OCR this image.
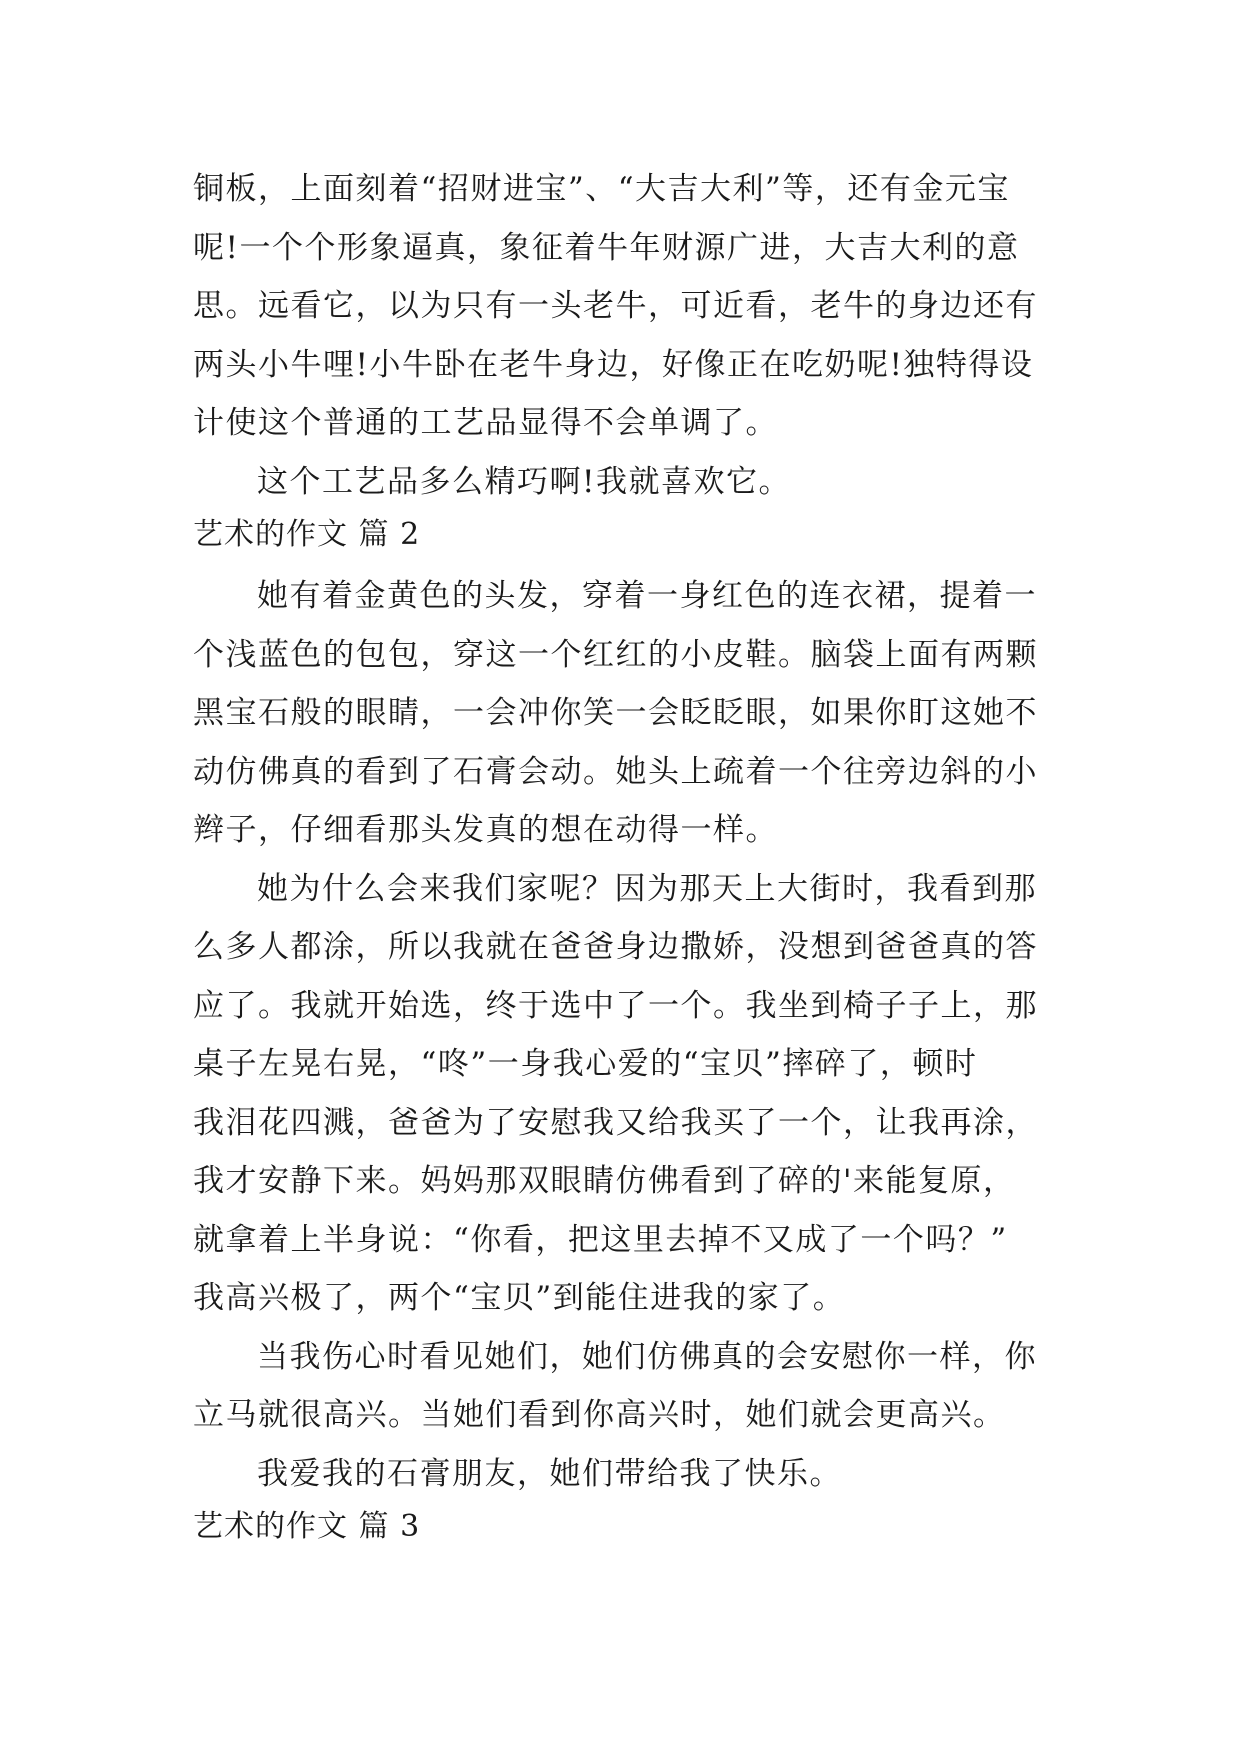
铜板，上面刻着“招财进宝”、“大吉大利”等，还有金元宝
呢!一个个形象逼真，象征着牛年财源广进，大吉大利的意
思。远看它，以为只有一头老牛，可近看，老牛的身边还有
两头小牛哩!小牛卧在老牛身边，好像正在吃奶呢!独特得设
计使这个普通的工艺品显得不会单调了。
这个工艺品多么精巧啊!我就喜欢它。
艺术的作文 篇 2
她有着金黄色的头发，穿着一身红色的连衣裙，提着一
个浅蓝色的包包，穿这一个红红的小皮鞋。脑袋上面有两颗
黑宝石般的眼睛，一会冲你笑一会眨眨眼，如果你盯这她不
动仿佛真的看到了石膏会动。她头上疏着一个往旁边斜的小
辫子，仔细看那头发真的想在动得一样。
她为什么会来我们家呢？因为那天上大街时，我看到那
么多人都涂，所以我就在爸爸身边撒娇，没想到爸爸真的答
应了。我就开始选，终于选中了一个。我坐到椅子子上，那
桌子左晃右晃，“咚”一身我心爱的“宝贝”摔碎了，顿时
我泪花四溅，爸爸为了安慰我又给我买了一个，让我再涂，
我才安静下来。妈妈那双眼睛仿佛看到了碎的'来能复原，
就拿着上半身说：“你看，把这里去掉不又成了一个吗？”
我高兴极了，两个“宝贝”到能住进我的家了。
当我伤心时看见她们，她们仿佛真的会安慰你一样，你
立马就很高兴。当她们看到你高兴时，她们就会更高兴。
我爱我的石膏朋友，她们带给我了快乐。
艺术的作文 篇 3
